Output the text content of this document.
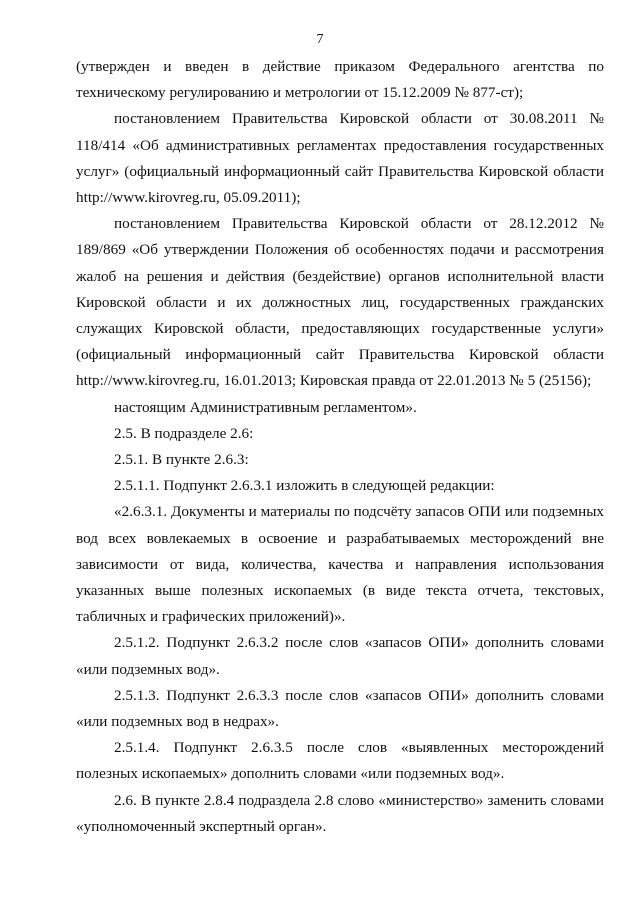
7

(утвержден и введен в действие приказом Федерального агентства по техническому регулированию и метрологии от 15.12.2009 № 877-ст);

постановлением Правительства Кировской области от 30.08.2011 № 118/414 «Об административных регламентах предоставления государственных услуг» (официальный информационный сайт Правительства Кировской области http://www.kirovreg.ru, 05.09.2011);

постановлением Правительства Кировской области от 28.12.2012 № 189/869 «Об утверждении Положения об особенностях подачи и рассмотрения жалоб на решения и действия (бездействие) органов исполнительной власти Кировской области и их должностных лиц, государственных гражданских служащих Кировской области, предоставляющих государственные услуги» (официальный информационный сайт Правительства Кировской области http://www.kirovreg.ru, 16.01.2013; Кировская правда от 22.01.2013 № 5 (25156);

настоящим Административным регламентом».

2.5. В подразделе 2.6:

2.5.1. В пункте 2.6.3:

2.5.1.1. Подпункт 2.6.3.1 изложить в следующей редакции:

«2.6.3.1. Документы и материалы по подсчёту запасов ОПИ или подземных вод всех вовлекаемых в освоение и разрабатываемых месторождений вне зависимости от вида, количества, качества и направления использования указанных выше полезных ископаемых (в виде текста отчета, текстовых, табличных и графических приложений)».

2.5.1.2. Подпункт 2.6.3.2 после слов «запасов ОПИ» дополнить словами «или подземных вод».

2.5.1.3. Подпункт 2.6.3.3 после слов «запасов ОПИ» дополнить словами «или подземных вод в недрах».

2.5.1.4. Подпункт 2.6.3.5 после слов «выявленных месторождений полезных ископаемых» дополнить словами «или подземных вод».

2.6. В пункте 2.8.4 подраздела 2.8 слово «министерство» заменить словами «уполномоченный экспертный орган».
